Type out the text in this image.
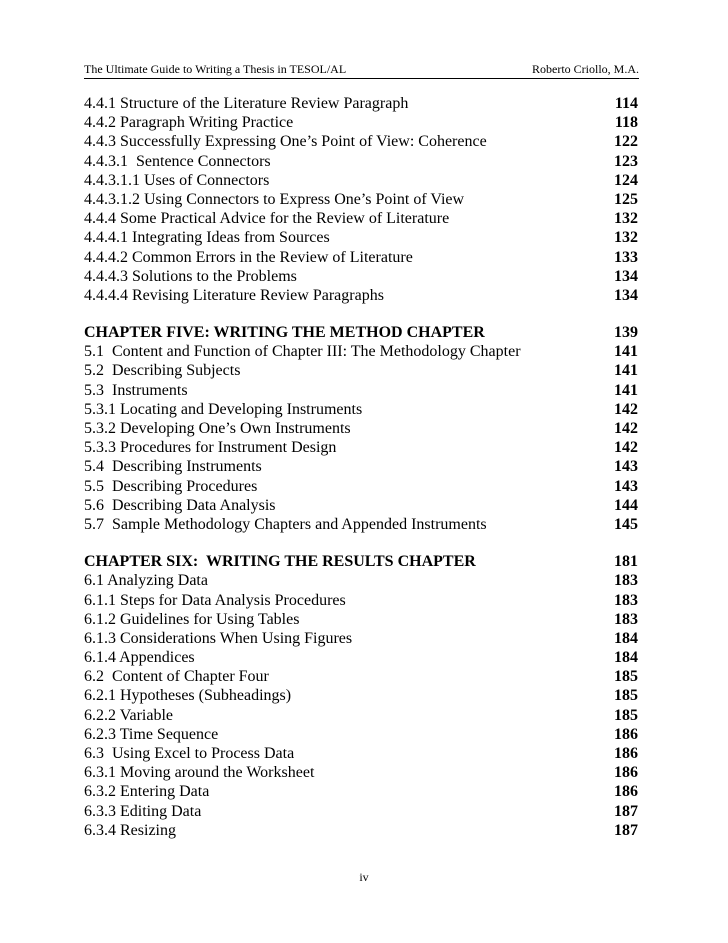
The Ultimate Guide to Writing a Thesis in TESOL/AL	Roberto Criollo, M.A.
4.4.1 Structure of the Literature Review Paragraph	114
4.4.2 Paragraph Writing Practice	118
4.4.3 Successfully Expressing One’s Point of View: Coherence	122
4.4.3.1  Sentence Connectors	123
4.4.3.1.1 Uses of Connectors	124
4.4.3.1.2 Using Connectors to Express One’s Point of View	125
4.4.4 Some Practical Advice for the Review of Literature	132
4.4.4.1 Integrating Ideas from Sources	132
4.4.4.2 Common Errors in the Review of Literature	133
4.4.4.3 Solutions to the Problems	134
4.4.4.4 Revising Literature Review Paragraphs	134
CHAPTER FIVE: WRITING THE METHOD CHAPTER	139
5.1  Content and Function of Chapter III: The Methodology Chapter	141
5.2  Describing Subjects	141
5.3  Instruments	141
5.3.1 Locating and Developing Instruments	142
5.3.2 Developing One’s Own Instruments	142
5.3.3 Procedures for Instrument Design	142
5.4  Describing Instruments	143
5.5  Describing Procedures	143
5.6  Describing Data Analysis	144
5.7  Sample Methodology Chapters and Appended Instruments	145
CHAPTER SIX:  WRITING THE RESULTS CHAPTER	181
6.1 Analyzing Data	183
6.1.1 Steps for Data Analysis Procedures	183
6.1.2 Guidelines for Using Tables	183
6.1.3 Considerations When Using Figures	184
6.1.4 Appendices	184
6.2  Content of Chapter Four	185
6.2.1 Hypotheses (Subheadings)	185
6.2.2 Variable	185
6.2.3 Time Sequence	186
6.3  Using Excel to Process Data	186
6.3.1 Moving around the Worksheet	186
6.3.2 Entering Data	186
6.3.3 Editing Data	187
6.3.4 Resizing	187
iv
